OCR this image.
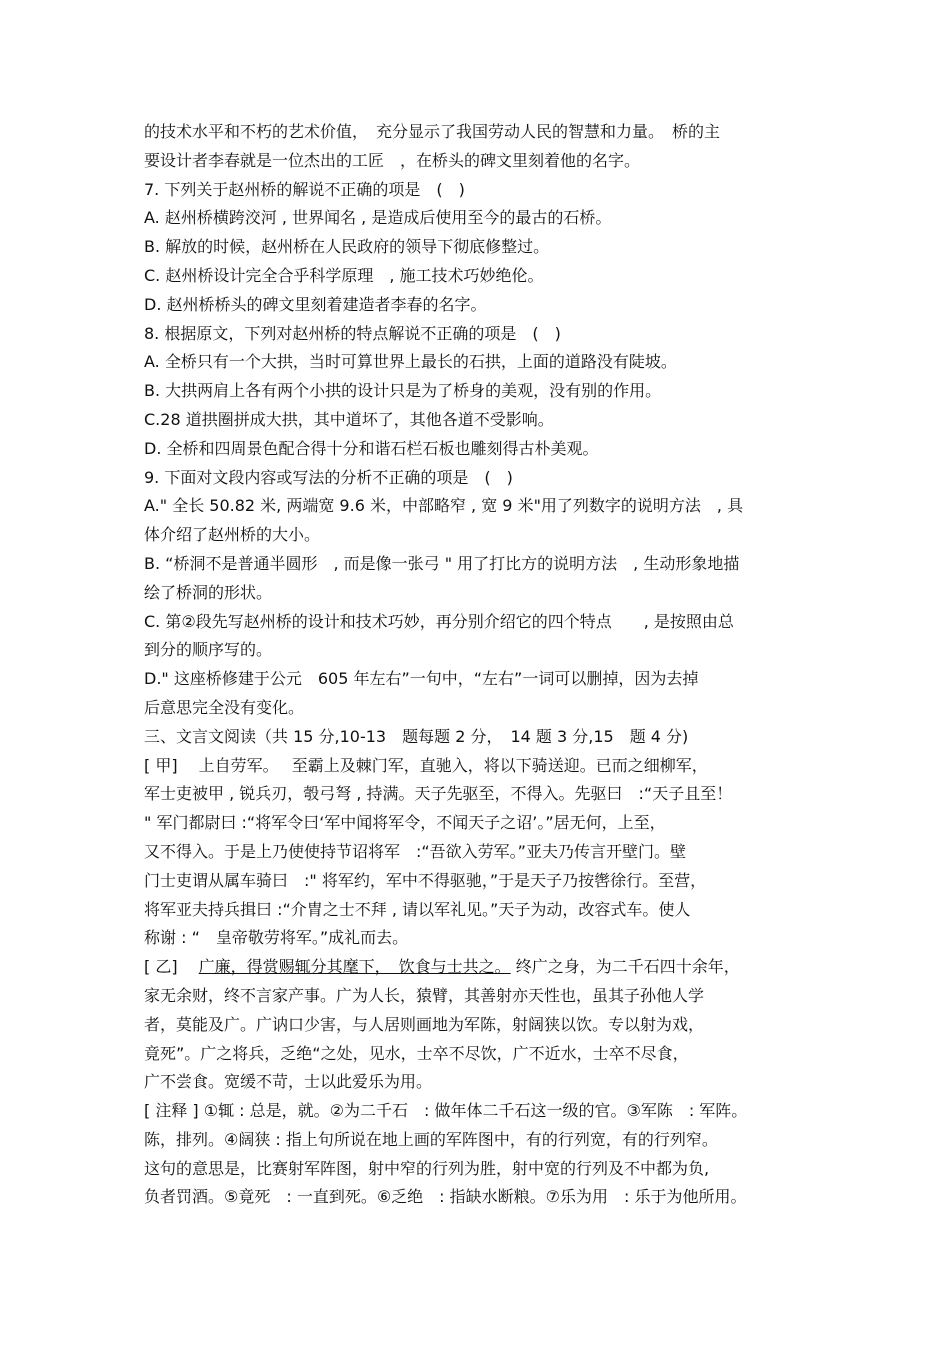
的技术水平和不朽的艺术价值，　充分显示了我国劳动人民的智慧和力量。　桥的主
要设计者李春就是一位杰出的工匠　，在桥头的碑文里刻着他的名字。
7. 下列关于赵州桥的解说不正确的项是　(　)
A. 赵州桥横跨洨河 , 世界闻名 , 是造成后使用至今的最古的石桥。
B. 解放的时候，赵州桥在人民政府的领导下彻底修整过。
C. 赵州桥设计完全合乎科学原理　, 施工技术巧妙绝伦。
D. 赵州桥桥头的碑文里刻着建造者李春的名字。
8. 根据原文，下列对赵州桥的特点解说不正确的项是　(　)
A. 全桥只有一个大拱，当时可算世界上最长的石拱，上面的道路没有陡坡。
B. 大拱两肩上各有两个小拱的设计只是为了桥身的美观，没有别的作用。
C.28 道拱圈拼成大拱，其中道坏了，其他各道不受影响。
D. 全桥和四周景色配合得十分和谐石栏石板也雕刻得古朴美观。
9. 下面对文段内容或写法的分析不正确的项是　(　)
A." 全长 50.82 米, 两端宽 9.6 米，中部略窄 , 宽 9 米"用了列数字的说明方法　, 具
体介绍了赵州桥的大小。
B. “桥洞不是普通半圆形　, 而是像一张弓 " 用了打比方的说明方法　, 生动形象地描
绘了桥洞的形状。
C. 第②段先写赵州桥的设计和技术巧妙，再分别介绍它的四个特点　　, 是按照由总
到分的顺序写的。
D." 这座桥修建于公元　605 年左右”一句中，“左右”一词可以删掉，因为去掉
后意思完全没有变化。
三、文言文阅读（共 15 分,10-13　题每题 2 分，　14 题 3 分,15　题 4 分)
[ 甲]　 上自劳军。　 至霸上及棘门军，直驰入，将以下骑送迎。已而之细柳军，
军士吏被甲 , 锐兵刃，彀弓弩 , 持满。天子先驱至，不得入。先驱曰　:“天子且至！
" 军门都尉曰 :“将军令曰‘军中闻将军令，不闻天子之诏’。”居无何，上至，
又不得入。于是上乃使使持节诏将军　:“吾欲入劳军。”亚夫乃传言开壁门。壁
门士吏谓从属车骑曰　:" 将军约，军中不得驱驰，”于是天子乃按辔徐行。至营，
将军亚夫持兵揖曰 :“介胄之士不拜 , 请以军礼见。”天子为动，改容式车。使人
称谢 : “　皇帝敬劳将军。”成礼而去。
[ 乙]　 广廉，得赏赐辄分其麾下，　饮食与士共之。 终广之身，为二千石四十余年，
家无余财，终不言家产事。广为人长，猿臂，其善射亦天性也，虽其子孙他人学
者，莫能及广。广讷口少害，与人居则画地为军陈，射阔狭以饮。专以射为戏，
竟死”。广之将兵，乏绝“之处，见水，士卒不尽饮，广不近水，士卒不尽食，
广不尝食。宽缓不苛，士以此爱乐为用。
[ 注释 ] ①辄 : 总是，就。②为二千石　: 做年体二千石这一级的官。③军陈　: 军阵。
陈，排列。④阔狭 : 指上句所说在地上画的军阵图中，有的行列宽，有的行列窄。
这句的意思是，比赛射军阵图，射中窄的行列为胜，射中宽的行列及不中都为负,
负者罚酒。⑤竟死　: 一直到死。⑥乏绝　: 指缺水断粮。⑦乐为用　: 乐于为他所用。
